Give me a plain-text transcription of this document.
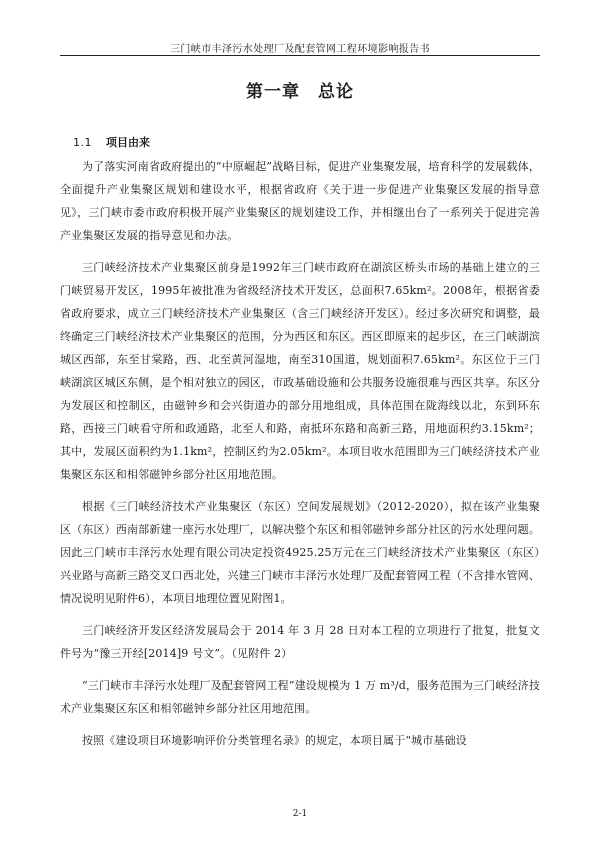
三门峡市丰泽污水处理厂及配套管网工程环境影响报告书
第一章　总论
1.1 项目由来

为了落实河南省政府提出的“中原崛起”战略目标，促进产业集聚发展，培育科学的发展载体，全面提升产业集聚区规划和建设水平，根据省政府《关于进一步促进产业集聚区发展的指导意见》，三门峡市委市政府积极开展产业集聚区的规划建设工作，并相继出台了一系列关于促进完善产业集聚区发展的指导意见和办法。

三门峡经济技术产业集聚区前身是1992年三门峡市政府在湖滨区桥头市场的基础上建立的三门峡贸易开发区，1995年被批准为省级经济技术开发区，总面积7.65km²。2008年，根据省委省政府要求，成立三门峡经济技术产业集聚区（含三门峡经济开发区）。经过多次研究和调整，最终确定三门峡经济技术产业集聚区的范围，分为西区和东区。西区即原来的起步区，在三门峡湖滨城区西部，东至甘棠路，西、北至黄河湿地，南至310国道，规划面积7.65km²。东区位于三门峡湖滨区城区东侧，是个相对独立的园区，市政基础设施和公共服务设施很难与西区共享。东区分为发展区和控制区，由磁钟乡和会兴街道办的部分用地组成，具体范围在陇海线以北，东到环东路，西接三门峡看守所和政通路，北至人和路，南抵环东路和高新三路，用地面积约3.15km²；其中，发展区面积约为1.1km²，控制区约为2.05km²。本项目收水范围即为三门峡经济技术产业集聚区东区和相邻磁钟乡部分社区用地范围。

根据《三门峡经济技术产业集聚区（东区）空间发展规划》（2012-2020），拟在该产业集聚区（东区）西南部新建一座污水处理厂，以解决整个东区和相邻磁钟乡部分社区的污水处理问题。因此三门峡市丰泽污水处理有限公司决定投资4925.25万元在三门峡经济技术产业集聚区（东区）兴业路与高新三路交叉口西北处，兴建三门峡市丰泽污水处理厂及配套管网工程（不含排水管网、情况说明见附件6），本项目地理位置见附图1。

三门峡经济开发区经济发展局会于 2014 年 3 月 28 日对本工程的立项进行了批复，批复文件号为“豫三开经[2014]9 号文”。（见附件 2）

“三门峡市丰泽污水处理厂及配套管网工程”建设规模为 1 万 m³/d，服务范围为三门峡经济技术产业集聚区东区和相邻磁钟乡部分社区用地范围。

按照《建设项目环境影响评价分类管理名录》的规定，本项目属于“城市基础设

2-1
